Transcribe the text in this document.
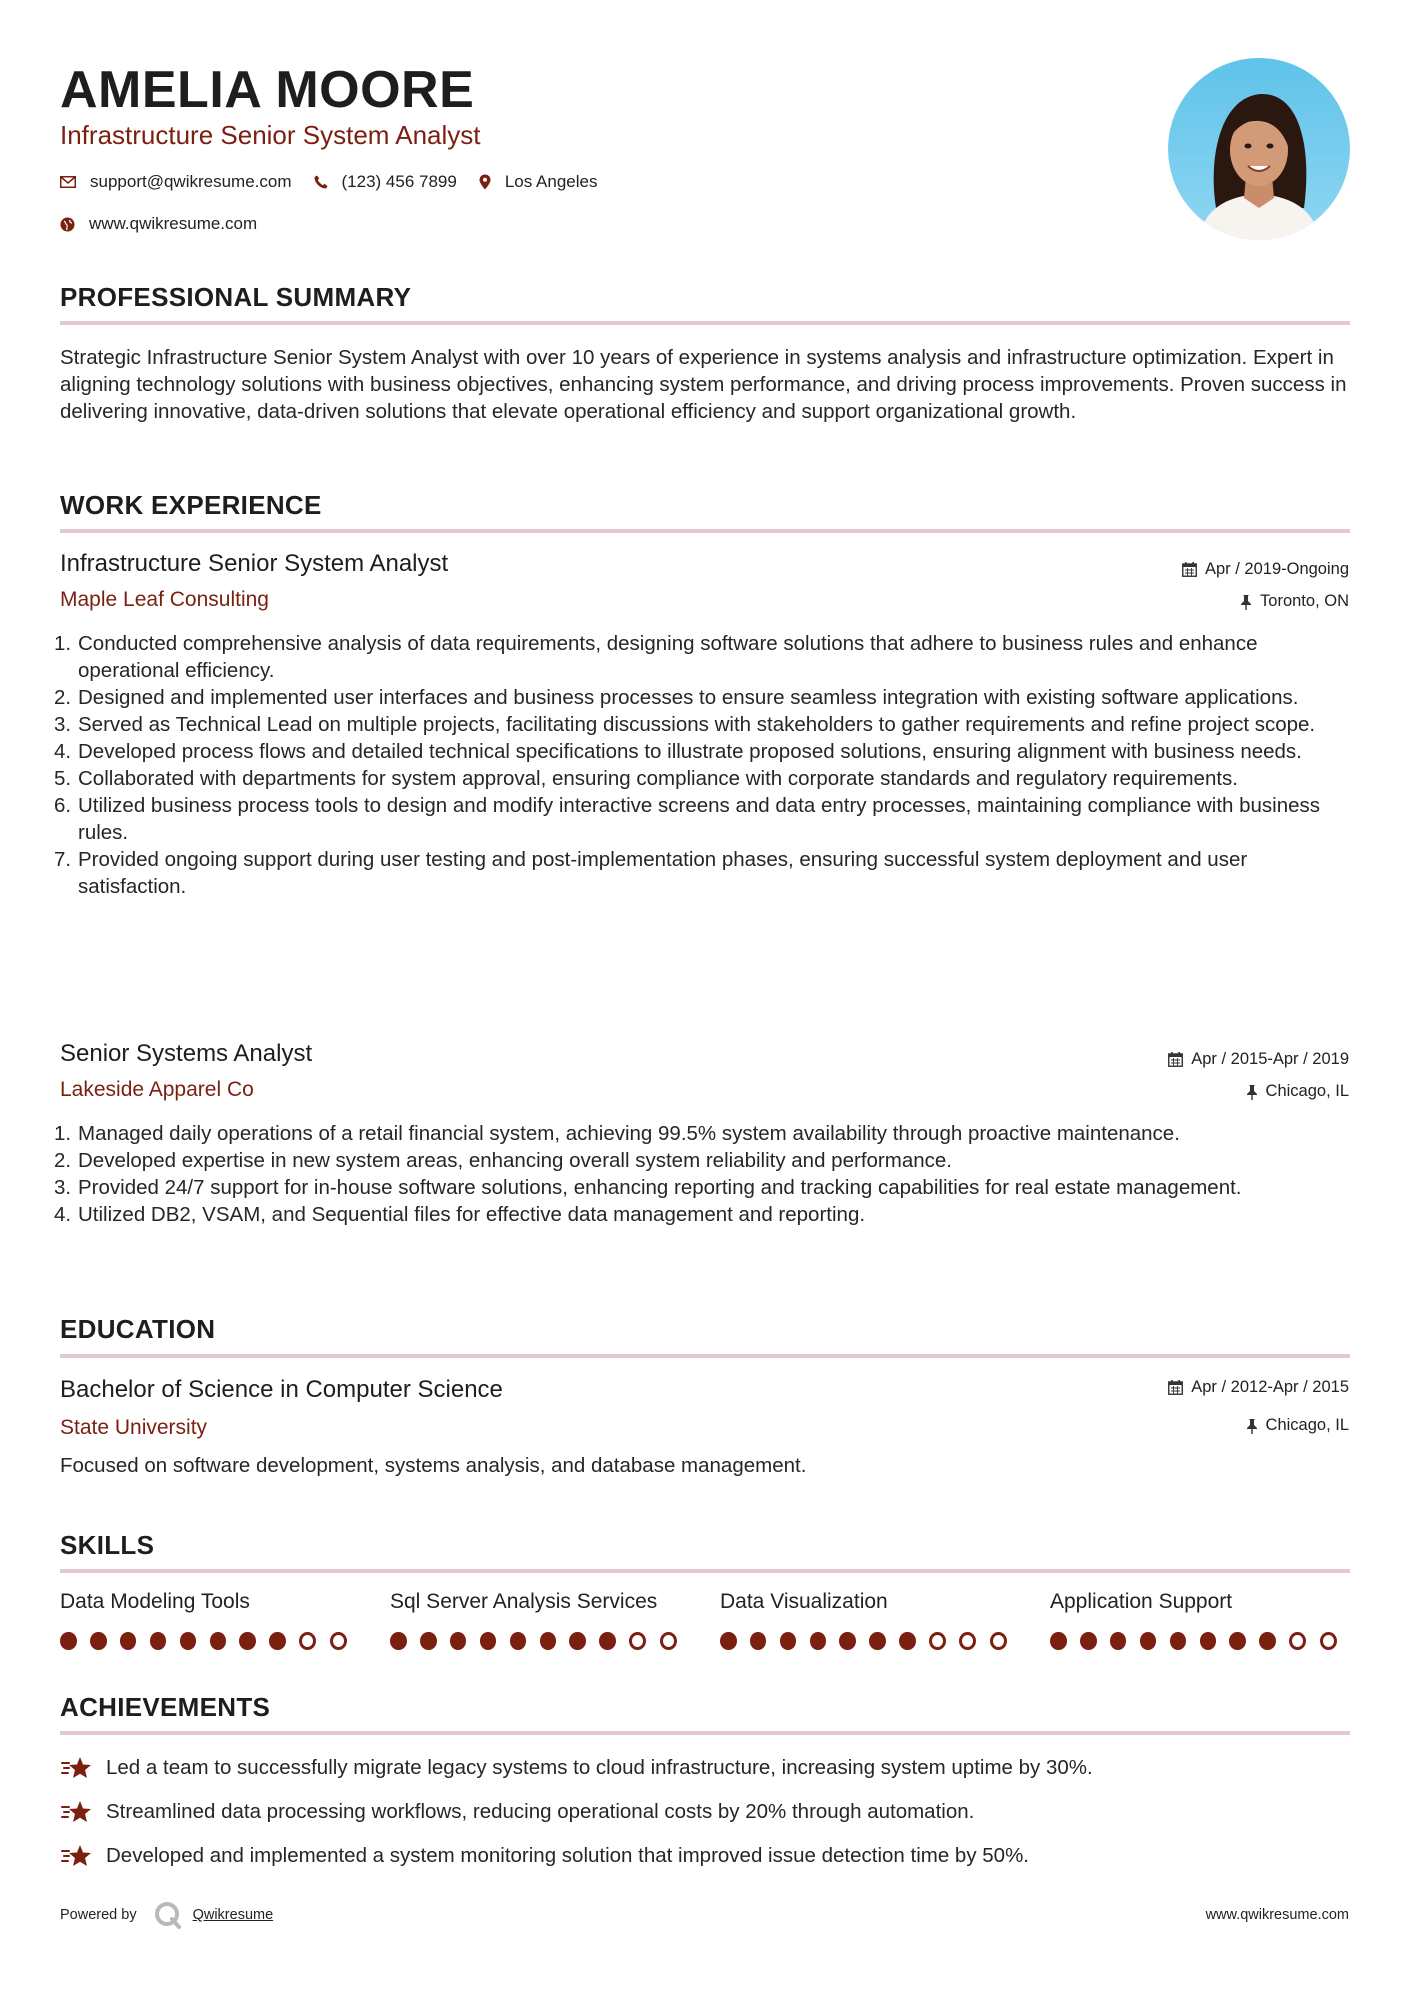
AMELIA MOORE
Infrastructure Senior System Analyst
support@qwikresume.com	(123) 456 7899	Los Angeles
www.qwikresume.com
PROFESSIONAL SUMMARY
Strategic Infrastructure Senior System Analyst with over 10 years of experience in systems analysis and infrastructure optimization. Expert in aligning technology solutions with business objectives, enhancing system performance, and driving process improvements. Proven success in delivering innovative, data-driven solutions that elevate operational efficiency and support organizational growth.
WORK EXPERIENCE
Infrastructure Senior System Analyst
Maple Leaf Consulting
Apr / 2019-Ongoing
Toronto, ON
1. Conducted comprehensive analysis of data requirements, designing software solutions that adhere to business rules and enhance operational efficiency.
2. Designed and implemented user interfaces and business processes to ensure seamless integration with existing software applications.
3. Served as Technical Lead on multiple projects, facilitating discussions with stakeholders to gather requirements and refine project scope.
4. Developed process flows and detailed technical specifications to illustrate proposed solutions, ensuring alignment with business needs.
5. Collaborated with departments for system approval, ensuring compliance with corporate standards and regulatory requirements.
6. Utilized business process tools to design and modify interactive screens and data entry processes, maintaining compliance with business rules.
7. Provided ongoing support during user testing and post-implementation phases, ensuring successful system deployment and user satisfaction.
Senior Systems Analyst
Lakeside Apparel Co
Apr / 2015-Apr / 2019
Chicago, IL
1. Managed daily operations of a retail financial system, achieving 99.5% system availability through proactive maintenance.
2. Developed expertise in new system areas, enhancing overall system reliability and performance.
3. Provided 24/7 support for in-house software solutions, enhancing reporting and tracking capabilities for real estate management.
4. Utilized DB2, VSAM, and Sequential files for effective data management and reporting.
EDUCATION
Bachelor of Science in Computer Science
State University
Apr / 2012-Apr / 2015
Chicago, IL
Focused on software development, systems analysis, and database management.
SKILLS
Data Modeling Tools	Sql Server Analysis Services	Data Visualization	Application Support
ACHIEVEMENTS
Led a team to successfully migrate legacy systems to cloud infrastructure, increasing system uptime by 30%.
Streamlined data processing workflows, reducing operational costs by 20% through automation.
Developed and implemented a system monitoring solution that improved issue detection time by 50%.
Powered by	Qwikresume	www.qwikresume.com
